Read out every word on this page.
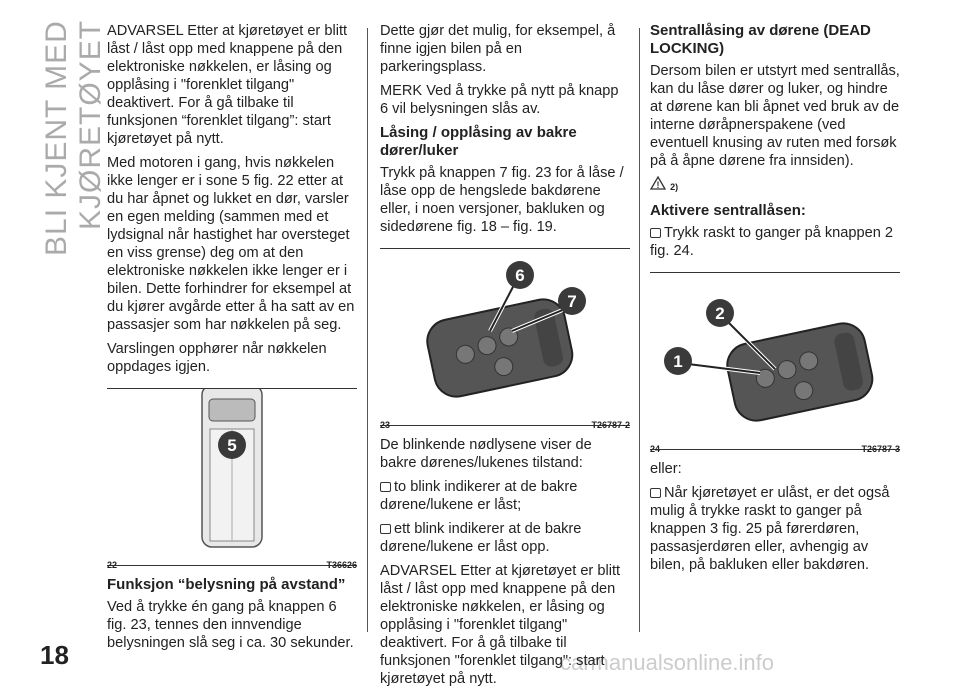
BLI KJENT MED KJØRETØYET
18	carmanualsonline.info

ADVARSEL Etter at kjøretøyet er blitt låst / låst opp med knappene på den elektroniske nøkkelen, er låsing og opplåsing i "forenklet tilgang" deaktivert. For å gå tilbake til funksjonen “forenklet tilgang”: start kjøretøyet på nytt.

Med motoren i gang, hvis nøkkelen ikke lenger er i sone 5 fig. 22 etter at du har åpnet og lukket en dør, varsler en egen melding (sammen med et lydsignal når hastighet har oversteget en viss grense) deg om at den elektroniske nøkkelen ikke lenger er i bilen. Dette forhindrer for eksempel at du kjører avgårde etter å ha satt av en passasjer som har nøkkelen på seg.

Varslingen opphører når nøkkelen oppdages igjen.

5
22	T36626
Funksjon “belysning på avstand”

Ved å trykke én gang på knappen 6 fig. 23, tennes den innvendige belysningen slå seg i ca. 30 sekunder.

Dette gjør det mulig, for eksempel, å finne igjen bilen på en parkeringsplass.

MERK Ved å trykke på nytt på knapp 6 vil belysningen slås av.

Låsing / opplåsing av bakre dører/luker

Trykk på knappen 7 fig. 23 for å låse / låse opp de hengslede bakdørene eller, i noen versjoner, bakluken og sidedørene fig. 18 – fig. 19.

6
7
23	T26787-2

De blinkende nødlysene viser de bakre dørenes/lukenes tilstand:

to blink indikerer at de bakre dørene/lukene er låst;

ett blink indikerer at de bakre dørene/lukene er låst opp.

ADVARSEL Etter at kjøretøyet er blitt låst / låst opp med knappene på den elektroniske nøkkelen, er låsing og opplåsing i "forenklet tilgang" deaktivert. For å gå tilbake til funksjonen "forenklet tilgang": start kjøretøyet på nytt.

Sentrallåsing av dørene (DEAD LOCKING)

Dersom bilen er utstyrt med sentrallås, kan du låse dører og luker, og hindre at dørene kan bli åpnet ved bruk av de interne døråpnerspakene (ved eventuell knusing av ruten med forsøk på å åpne dørene fra innsiden).

! 2)
Aktivere sentrallåsen:

Trykk raskt to ganger på knappen 2 fig. 24.

2
1
24	T26787-3

eller:

Når kjøretøyet er ulåst, er det også mulig å trykke raskt to ganger på knappen 3 fig. 25 på førerdøren, passasjerdøren eller, avhengig av bilen, på bakluken eller bakdøren.
